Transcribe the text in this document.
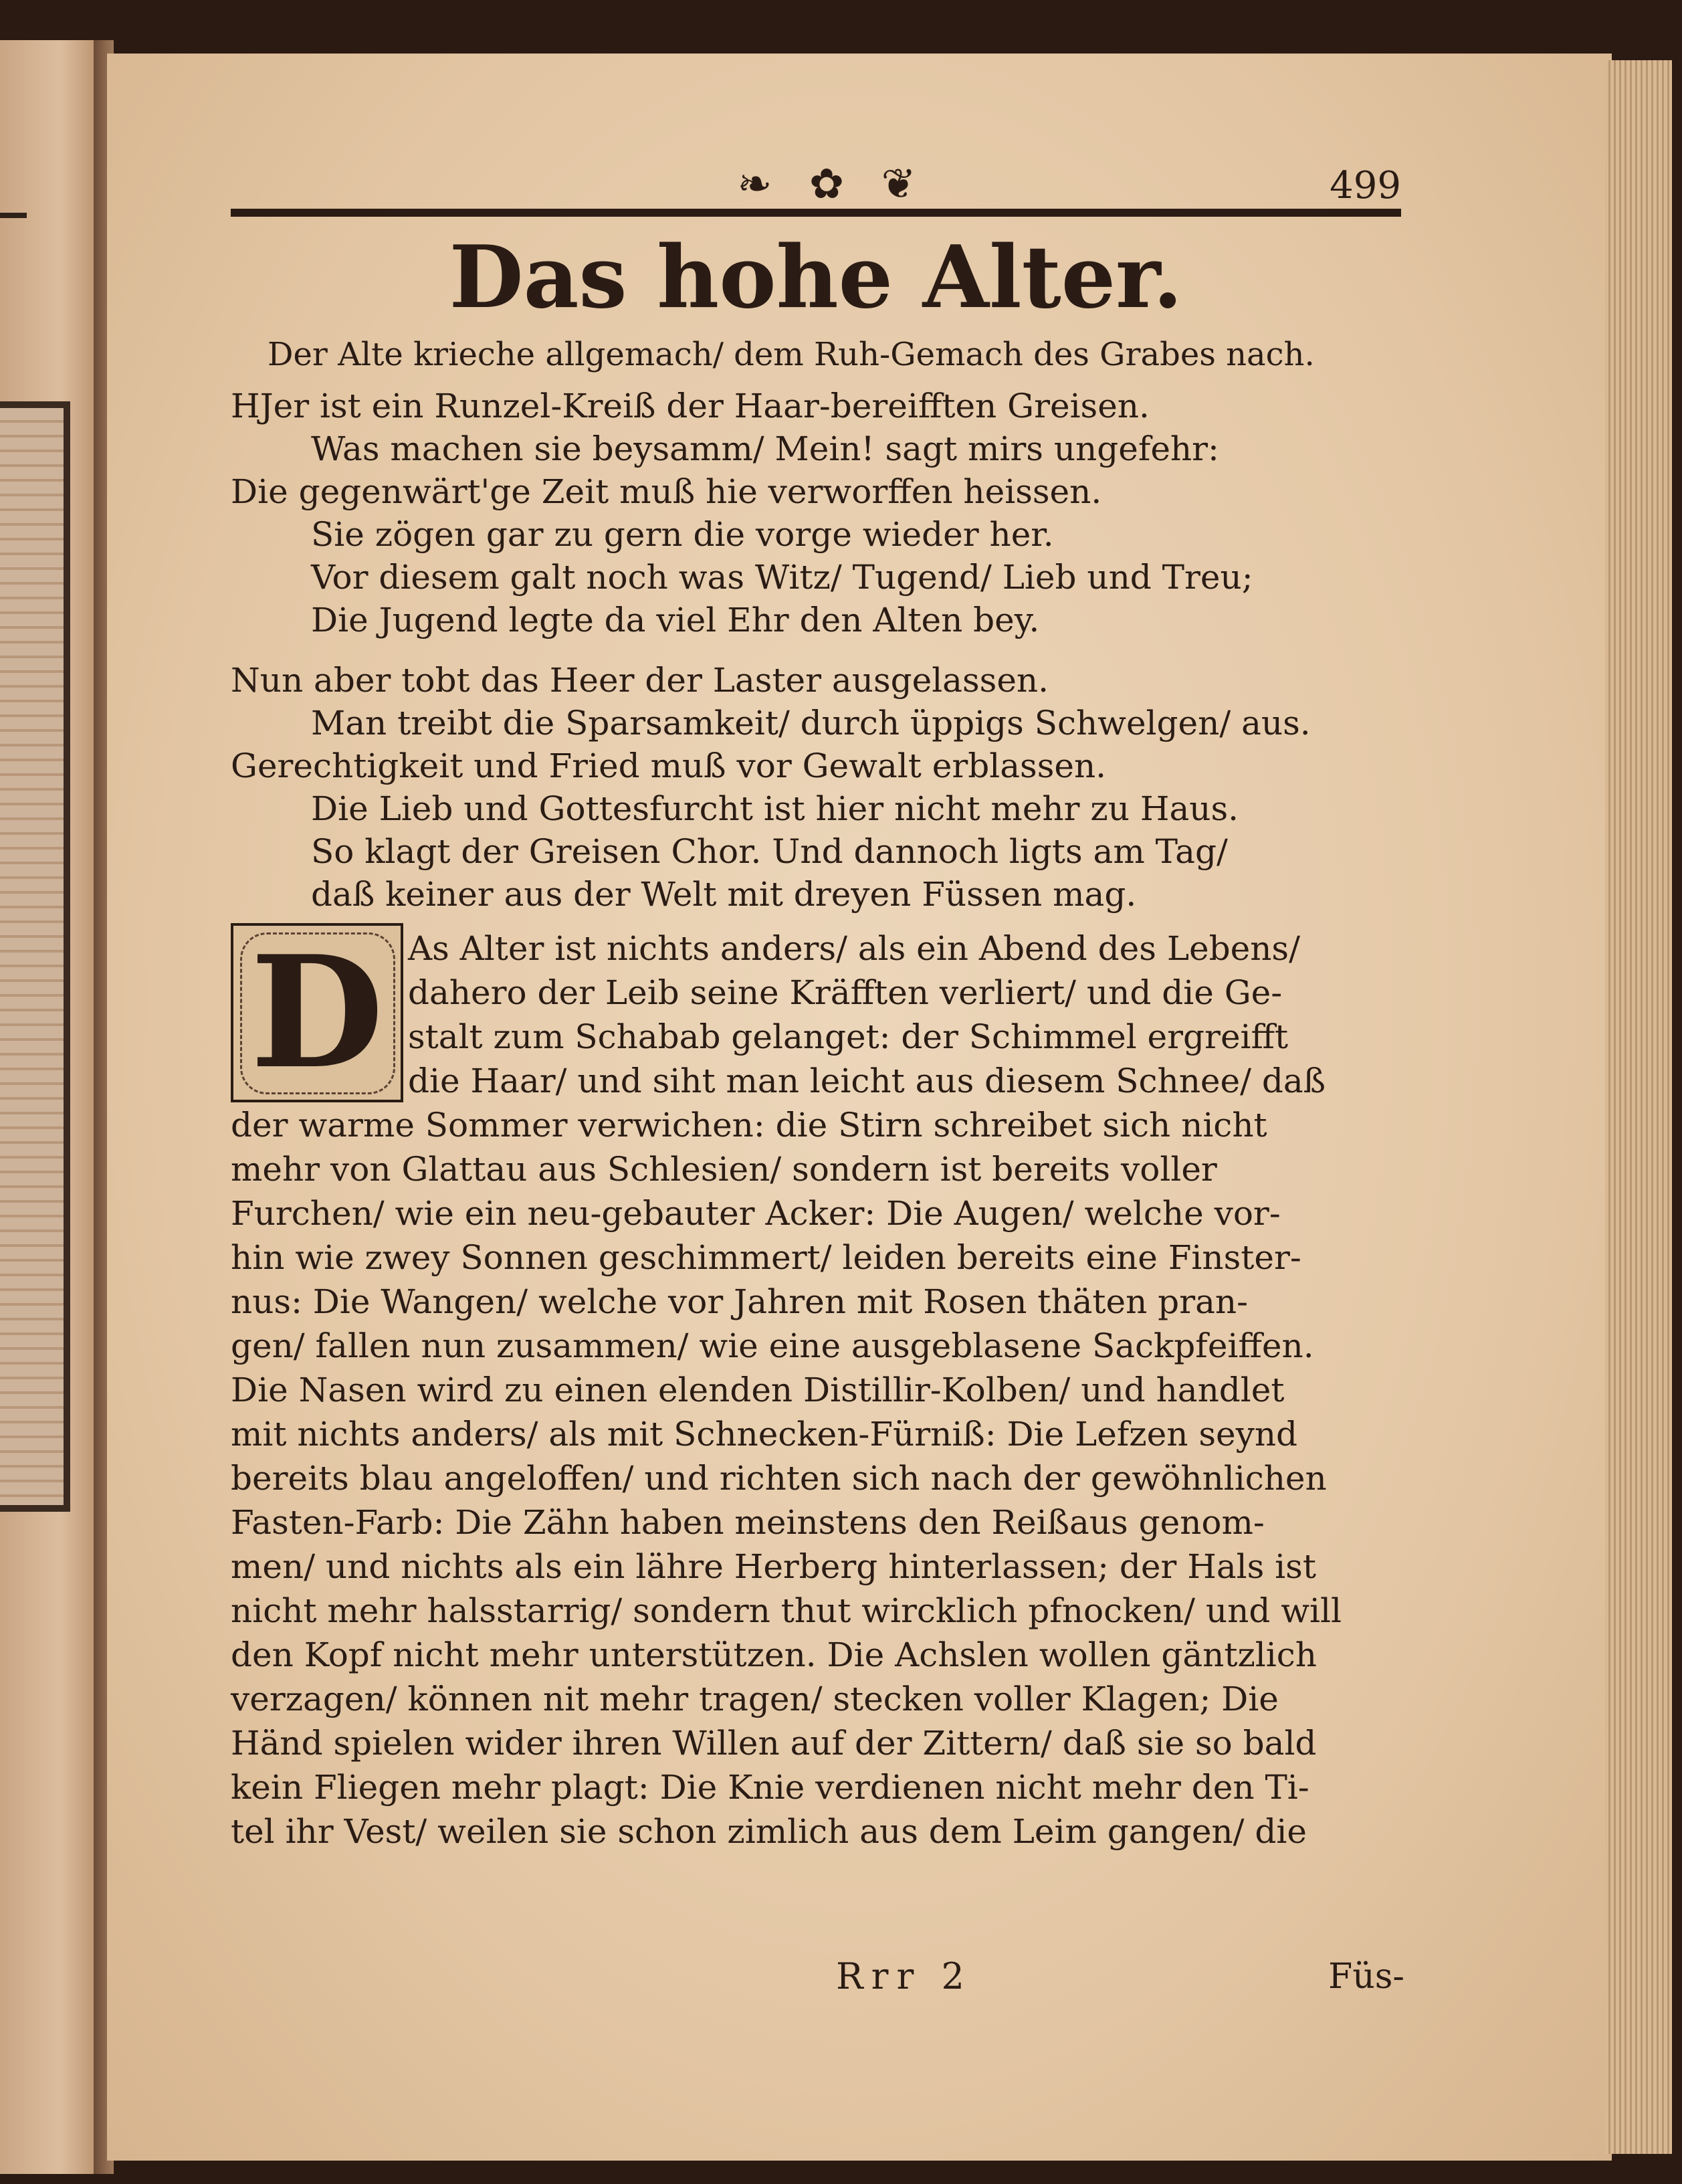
❧ ✿ ❦	499
Das hohe Alter.
Der Alte krieche allgemach/ dem Ruh-Gemach des Grabes nach.
HJer ist ein Runzel-Kreiß der Haar-bereifften Greisen.
Was machen sie beysamm/ Mein! sagt mirs ungefehr:
Die gegenwärt'ge Zeit muß hie verworffen heissen.
Sie zögen gar zu gern die vorge wieder her.
Vor diesem galt noch was Witz/ Tugend/ Lieb und Treu;
Die Jugend legte da viel Ehr den Alten bey.
Nun aber tobt das Heer der Laster ausgelassen.
Man treibt die Sparsamkeit/ durch üppigs Schwelgen/ aus.
Gerechtigkeit und Fried muß vor Gewalt erblassen.
Die Lieb und Gottesfurcht ist hier nicht mehr zu Haus.
So klagt der Greisen Chor. Und dannoch ligts am Tag/
daß keiner aus der Welt mit dreyen Füssen mag.
D As Alter ist nichts anders/ als ein Abend des Lebens/
dahero der Leib seine Kräfften verliert/ und die Ge-
stalt zum Schabab gelanget: der Schimmel ergreifft
die Haar/ und siht man leicht aus diesem Schnee/ daß
der warme Sommer verwichen: die Stirn schreibet sich nicht
mehr von Glattau aus Schlesien/ sondern ist bereits voller
Furchen/ wie ein neu-gebauter Acker: Die Augen/ welche vor-
hin wie zwey Sonnen geschimmert/ leiden bereits eine Finster-
nus: Die Wangen/ welche vor Jahren mit Rosen thäten pran-
gen/ fallen nun zusammen/ wie eine ausgeblasene Sackpfeiffen.
Die Nasen wird zu einen elenden Distillir-Kolben/ und handlet
mit nichts anders/ als mit Schnecken-Fürniß: Die Lefzen seynd
bereits blau angeloffen/ und richten sich nach der gewöhnlichen
Fasten-Farb: Die Zähn haben meinstens den Reißaus genom-
men/ und nichts als ein lähre Herberg hinterlassen; der Hals ist
nicht mehr halsstarrig/ sondern thut wircklich pfnocken/ und will
den Kopf nicht mehr unterstützen. Die Achslen wollen gäntzlich
verzagen/ können nit mehr tragen/ stecken voller Klagen; Die
Händ spielen wider ihren Willen auf der Zittern/ daß sie so bald
kein Fliegen mehr plagt: Die Knie verdienen nicht mehr den Ti-
tel ihr Vest/ weilen sie schon zimlich aus dem Leim gangen/ die
Rrr 2	Füs-
